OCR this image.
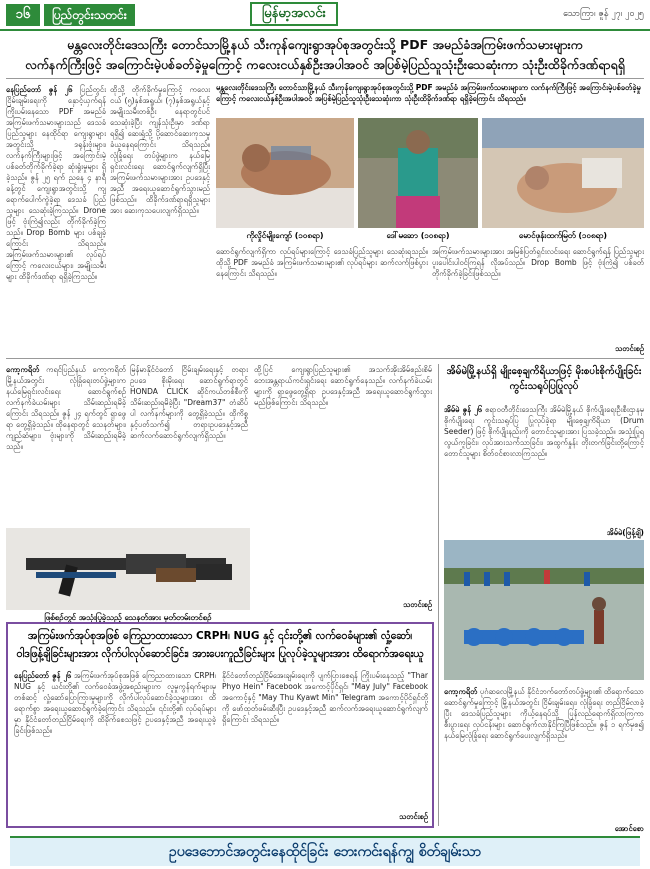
၁၆	ပြည်တွင်းသတင်း	မြန်မာ့အလင်း	သောကြာ၊ ဇူန် ၂၇၊ ၂၀၂၅
မန္တလေးတိုင်းဒေသကြီး တောင်သာမြို့နယ် သီးကုန်ကျေးရွာအုပ်စုအတွင်းသို့ PDF အမည်ခံအကြမ်းဖက်သမားများက
လက်နက်ကြီးဖြင့် အကြောင်းမဲ့ပစ်ခတ်ခဲ့မှုကြောင့် ကလေးငယ်နှစ်ဦးအပါအဝင် အပြစ်မဲ့ပြည်သူသုံးဦးသေဆုံးကာ သုံးဦးထိခိုက်ဒဏ်ရာရရှိ
နေပြည်တော် ဇွန် ၂၆ ပြည်တွင်းငြိမ်းချမ်းရေးကို နှောင့်ယှက်ရန် ကြိုးပမ်းနေသော PDF အမည်ခံ အကြမ်းဖက်သမားများသည် ဒေသခံပြည်သူများ နေထိုင်ရာ ကျေးရွာများအတွင်းသို့ ဒရုန်းဗုံးများ၊ လက်နက်ကြီးများဖြင့် အကြောင်းမဲ့ ပစ်ခတ်တိုက်ခိုက်ခဲ့ရာ ဆုံးရှုံးမှုများ ရှိခဲ့သည်။ ဇွန် ၂၅ ရက် ညနေ ၄ နာရီခန့်တွင် ကျေးရွာအတွင်းသို့ ကျရောက်ပေါက်ကွဲခဲ့ရာ ဒေသခံ ပြည်သူများ သေဆုံးခဲ့ကြသည်။ Drone ဖြင့် ဗုံးကြဲ၍လည်း တိုက်ခိုက်ခဲ့ကြသည်။ Drop Bomb များ ပစ်ချခဲ့ကြောင်း သိရသည်။ အကြမ်းဖက်သမားများ၏ လုပ်ရပ်ကြောင့် ကလေးငယ်များ၊ အမျိုးသမီးများ ထိခိုက်ဒဏ်ရာ ရရှိခဲ့ကြသည်။
ထိုသို့ တိုက်ခိုက်မှုကြောင့် ကလေးငယ် (၅)နှစ်အရွယ်၊ (၇)နှစ်အရွယ်နှင့် အမျိုးသမီးတစ်ဦး နေရာတွင်ပင် သေဆုံးခဲ့ပြီး ကျန်သုံးဦးမှာ ဒဏ်ရာရရှိ၍ ဆေးရုံသို့ ပို့ဆောင်ဆေးကုသမှု ခံယူနေရကြောင်း သိရသည်။ လုံခြုံရေး တပ်ဖွဲ့များက နယ်မြေရှင်းလင်းရေး ဆောင်ရွက်လျက်ရှိပြီး အကြမ်းဖက်သမားများအား ဥပဒေနှင့်အညီ အရေးယူဆောင်ရွက်သွားမည်ဖြစ်သည်။ ထိခိုက်ဒဏ်ရာရရှိသူများအား ဆေးကုသပေးလျက်ရှိသည်။
မန္တလေးတိုင်းဒေသကြီး တောင်သာမြို့နယ် သီးကုန်ကျေးရွာအုပ်စုအတွင်းသို့ PDF အမည်ခံ အကြမ်းဖက်သမားများက လက်နက်ကြီးဖြင့် အကြောင်းမဲ့ပစ်ခတ်ခဲ့မှုကြောင့် ကလေးငယ်နှစ်ဦးအပါအဝင် အပြစ်မဲ့ပြည်သူသုံးဦးသေဆုံးကာ သုံးဦးထိခိုက်ဒဏ်ရာ ရရှိခဲ့ကြောင်း သိရသည်။
ကိုလှိုင်မျိုးကျော် (၁၀၈ရာ)	ဒေါ်မဆော (၁၀၈ရာ)	မောင်ဖုန်းထက်မြတ် (၁၀၈ရာ)
ဆောင်ရွက်လျက်ရှိကာ လုပ်ရပ်များကြောင့် ဒေသခံပြည်သူများ သေဆုံးရသည်။ ထိုသို့ PDF အမည်ခံ အကြမ်းဖက်သမားများ၏ လုပ်ရပ်များ ဆက်လက်ဖြစ်ပွားနေကြောင်း သိရသည်။
အကြမ်းဖက်သမားများအား အမြစ်ပြတ်ရှင်းလင်းရေး ဆောင်ရွက်ရန် ပြည်သူများ ပူးပေါင်းပါဝင်ကြရန် လိုအပ်သည်။ Drop Bomb ဖြင့် ဗုံးကြဲ၍ ပစ်ခတ်တိုက်ခိုက်ခဲ့ခြင်းဖြစ်သည်။
သတင်းစဉ်
ကော့ကရိတ် ကရင်ပြည်နယ် ကော့ကရိတ်မြို့နယ်အတွင်း လုံခြုံရေးတပ်ဖွဲ့များက နယ်မြေရှင်းလင်းရေး ဆောင်ရွက်စဉ် လက်နက်ခဲယမ်းများ သိမ်းဆည်းရမိခဲ့ကြောင်း သိရသည်။ ဇွန် ၂၄ ရက်တွင် ရှာဖွေရာ တွေ့ရှိခဲ့သည်။ ထိုနေရာတွင် သေနတ်များ၊ ကျည်ဆံများ၊ ဗုံးများကို သိမ်းဆည်းရမိခဲ့သည်။
မြန်မာနိုင်ငံတော် ငြိမ်းချမ်းရေးနှင့် တရားဥပဒေ စိုးမိုးရေး ဆောင်ရွက်ရာတွင် HONDA CLICK ဆိုင်ကယ်တစ်စီးကို သိမ်းဆည်းရမိခဲ့ပြီး "Dream37" တံဆိပ်ပါ လက်နက်များကို တွေ့ရှိခဲ့သည်။ ထိုကိစ္စနှင့်ပတ်သက်၍ တရားဥပဒေနှင့်အညီ ဆက်လက်ဆောင်ရွက်လျက်ရှိသည်။
ထို့ပြင် ကျေးရွာပြည်သူများ၏ အသက်အိုးအိမ်စည်းစိမ် ဘေးအန္တရာယ်ကင်းရှင်းရေး ဆောင်ရွက်နေသည်။ လက်နက်ခဲယမ်းများကို ရှာဖွေတွေ့ရှိရာ ဥပဒေနှင့်အညီ အရေးယူဆောင်ရွက်သွားမည်ဖြစ်ကြောင်း သိရသည်။
သတင်းစဉ်
ဖြစ်စဉ်တွင် အသုံးပြုခဲ့သည့် သေနတ်အား မှတ်တမ်းတင်စဉ်
အိမ်မဲမြို့နယ်ရှိ မျိုးစေ့ချကိရိယာဖြင့် မိုးစပါးစိုက်ပျိုးခြင်း ကွင်းသရုပ်ပြပြုလုပ်
အိမ်မဲ ဇွန် ၂၆ ဧရာဝတီတိုင်းဒေသကြီး အိမ်မဲမြို့နယ် စိုက်ပျိုးရေးဦးစီးဌာနမှ စိုက်ပျိုးရေး ကွင်းသရုပ်ပြ ပြုလုပ်ခဲ့ရာ မျိုးစေ့ချကိရိယာ (Drum Seeder) ဖြင့် စိုက်ပျိုးနည်းကို တောင်သူများအား ပြသခဲ့သည်။ အသုံးပြုရလွယ်ကူခြင်း၊ လုပ်အားသက်သာခြင်း၊ အထွက်နှုန်း တိုးတက်ခြင်းတို့ကြောင့် တောင်သူများ စိတ်ဝင်စားလာကြသည်။
အိမ်မဲ(ဖြန့်ချိ)
ကော့ကရိတ် ပုဂံဆလေမြို့နယ် နိုင်ငံဘက်တော်တပ်ဖွဲ့များ၏ ထိရောက်သော ဆောင်ရွက်မှုကြောင့် မြို့နယ်အတွင်း ငြိမ်းချမ်းရေး၊ လုံခြုံရေး တည်ငြိမ်လာခဲ့ပြီး ဒေသခံပြည်သူများ ကိုယ့်နေရပ်သို့ ပြန်လည်ရောက်ရှိလာကြကာ စီးပွားရေး လုပ်ငန်းများ ဆောင်ရွက်လာနိုင်ကြပြီဖြစ်သည်။ ဇွန် ၁ ရက်မှစ၍ နယ်မြေလုံခြုံရေး ဆောင်ရွက်ပေးလျက်ရှိသည်။
အောင်စော
အကြမ်းဖက်အုပ်စုအဖြစ် ကြေညာထားသော CRPH၊ NUG နှင့် ၎င်းတို့၏ လက်ဝေခံများ၏ လှုံ့ဆော်၊
ဝါဒဖြန့်ချိခြင်းများအား လိုက်ပါလုပ်ဆောင်ခြင်း၊ အားပေးကူညီခြင်းများ ပြုလုပ်ခဲ့သူများအား ထိရောက်အရေးယူ
နေပြည်တော် ဇွန် ၂၆ အကြမ်းဖက်အုပ်စုအဖြစ် ကြေညာထားသော CRPH၊ NUG နှင့် ယင်းတို့၏ လက်ဝေခံအဖွဲ့အစည်းများက လူမှုကွန်ရက်များမှ တစ်ဆင့် လှုံ့ဆော်ပြောကြားမှုများကို လိုက်ပါလုပ်ဆောင်ခဲ့သူများအား ထိရောက်စွာ အရေးယူဆောင်ရွက်ခဲ့ကြောင်း သိရသည်။ ၎င်းတို့၏ လုပ်ရပ်များမှာ နိုင်ငံတော်တည်ငြိမ်ရေးကို ထိခိုက်စေသဖြင့် ဥပဒေနှင့်အညီ အရေးယူခဲ့ခြင်းဖြစ်သည်။
နိုင်ငံတော်တည်ငြိမ်အေးချမ်းရေးကို ပျက်ပြားစေရန် ကြိုးပမ်းနေသည့် "Thar Phyo Hein" Facebook အကောင့်ပိုင်ရှင်၊ "May July" Facebook အကောင့်နှင့် "May Thu Kyawt Min" Telegram အကောင့်ပိုင်ရှင်တို့ကို ဖော်ထုတ်ဖမ်းဆီးပြီး ဥပဒေနှင့်အညီ ဆက်လက်အရေးယူဆောင်ရွက်လျက်ရှိကြောင်း သိရသည်။
သတင်းစဉ်
ဥပဒေဘောင်အတွင်းနေထိုင်ခြင်း ဘေးကင်းရန်ကျွ စိတ်ချမ်းသာ
